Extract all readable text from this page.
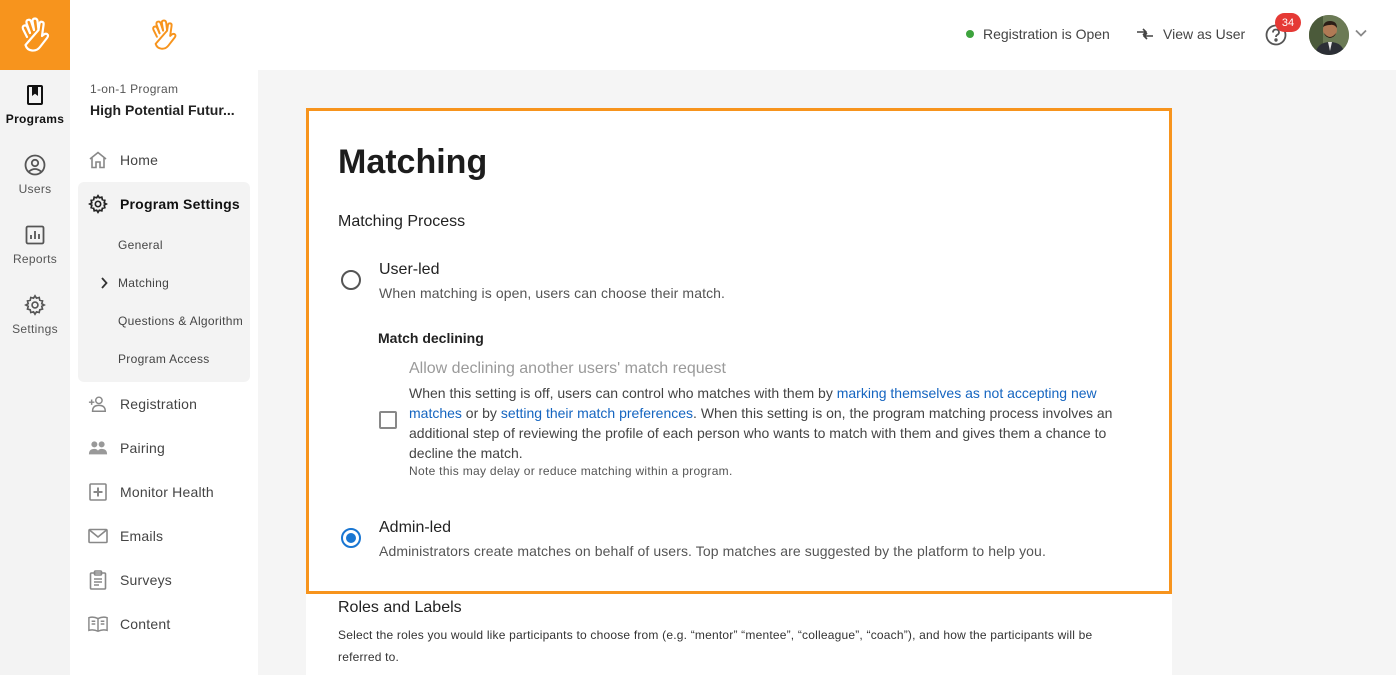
Programs
Users
Reports
Settings
1-on-1 Program
High Potential Futur...
Home
Program Settings
General
Matching
Questions & Algorithm
Program Access
Registration
Pairing
Monitor Health
Emails
Surveys
Content
Registration is Open	View as User
34
Matching
Matching Process
User-led
When matching is open, users can choose their match.
Match declining
Allow declining another users' match request
When this setting is off, users can control who matches with them by marking themselves as not accepting new matches or by setting their match preferences. When this setting is on, the program matching process involves an additional step of reviewing the profile of each person who wants to match with them and gives them a chance to decline the match.
Note this may delay or reduce matching within a program.
Admin-led
Administrators create matches on behalf of users. Top matches are suggested by the platform to help you.
Roles and Labels
Select the roles you would like participants to choose from (e.g. “mentor” “mentee”, “colleague”, “coach”), and how the participants will be referred to.
